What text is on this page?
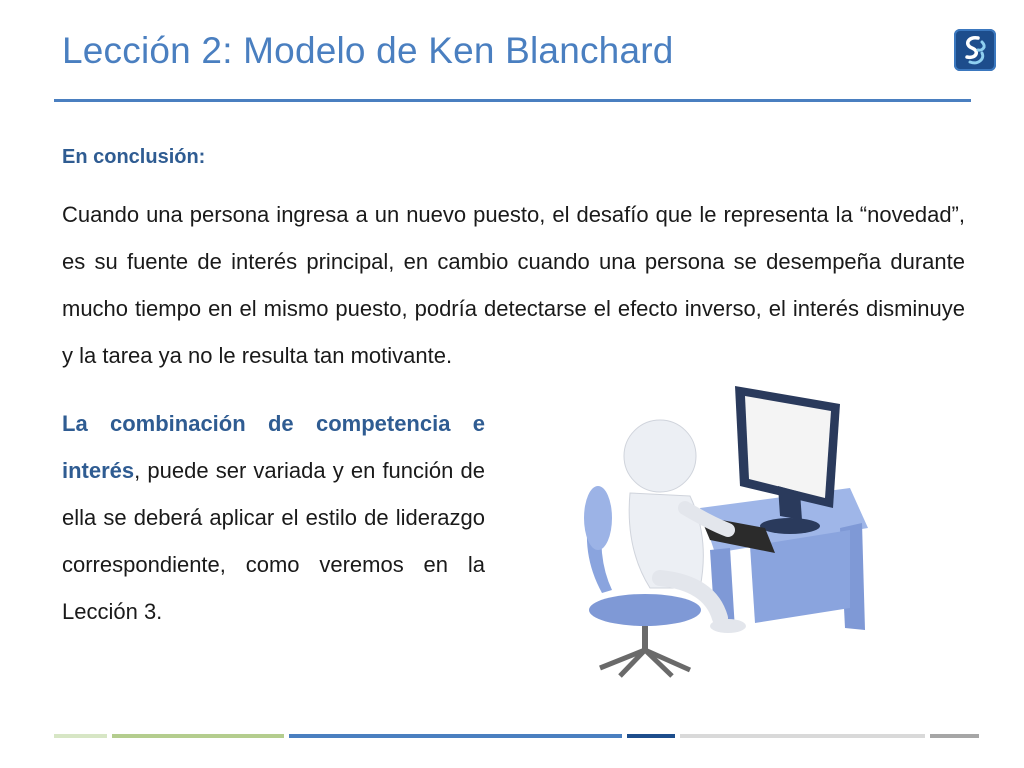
Lección 2: Modelo de Ken Blanchard
En conclusión:

Cuando una persona ingresa a un nuevo puesto, el desafío que le representa la “novedad”, es su fuente de interés principal, en cambio cuando una persona se desempeña durante mucho tiempo en el mismo puesto, podría detectarse el efecto inverso, el interés disminuye y la tarea ya no le resulta tan motivante.

La combinación de competencia e interés, puede ser variada y en función de ella se deberá aplicar el estilo de liderazgo correspondiente, como veremos en la Lección 3.
